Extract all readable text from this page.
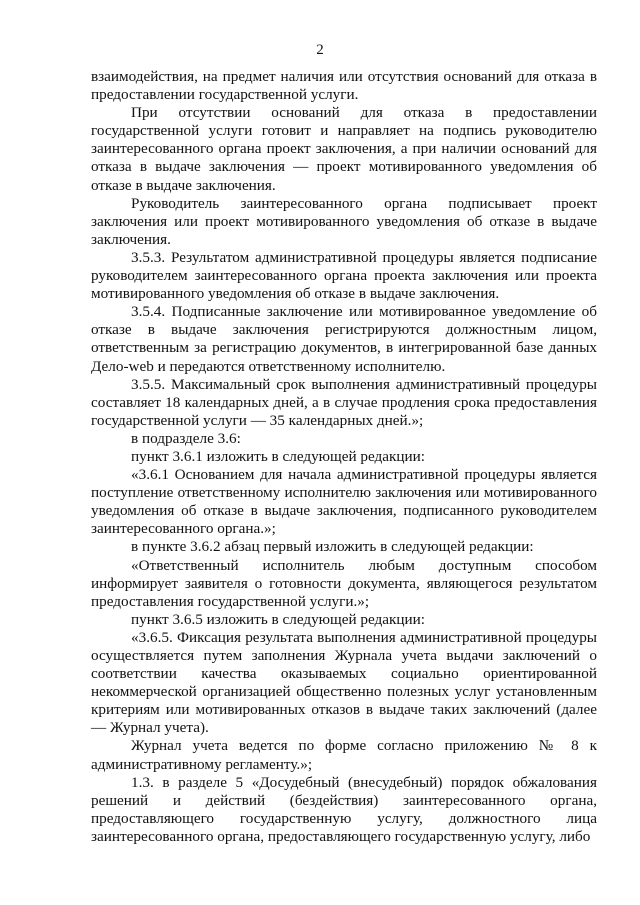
2

взаимодействия, на предмет наличия или отсутствия оснований для отказа в предоставлении государственной услуги.

При отсутствии оснований для отказа в предоставлении государственной услуги готовит и направляет на подпись руководителю заинтересованного органа проект заключения, а при наличии оснований для отказа в выдаче заключения — проект мотивированного уведомления об отказе в выдаче заключения.

Руководитель заинтересованного органа подписывает проект заключения или проект мотивированного уведомления об отказе в выдаче заключения.

3.5.3. Результатом административной процедуры является подписание руководителем заинтересованного органа проекта заключения или проекта мотивированного уведомления об отказе в выдаче заключения.

3.5.4. Подписанные заключение или мотивированное уведомление об отказе в выдаче заключения регистрируются должностным лицом, ответственным за регистрацию документов, в интегрированной базе данных Дело-web и передаются ответственному исполнителю.

3.5.5. Максимальный срок выполнения административный процедуры составляет 18 календарных дней, а в случае продления срока предоставления государственной услуги — 35 календарных дней.»;

в подразделе 3.6:

пункт 3.6.1 изложить в следующей редакции:

«3.6.1 Основанием для начала административной процедуры является поступление ответственному исполнителю заключения или мотивированного уведомления об отказе в выдаче заключения, подписанного руководителем заинтересованного органа.»;

в пункте 3.6.2 абзац первый изложить в следующей редакции:

«Ответственный исполнитель любым доступным способом информирует заявителя о готовности документа, являющегося результатом предоставления государственной услуги.»;

пункт 3.6.5 изложить в следующей редакции:

«3.6.5. Фиксация результата выполнения административной процедуры осуществляется путем заполнения Журнала учета выдачи заключений о соответствии качества оказываемых социально ориентированной некоммерческой организацией общественно полезных услуг установленным критериям или мотивированных отказов в выдаче таких заключений (далее — Журнал учета).

Журнал учета ведется по форме согласно приложению № 8 к административному регламенту.»;

1.3. в разделе 5 «Досудебный (внесудебный) порядок обжалования решений и действий (бездействия) заинтересованного органа, предоставляющего государственную услугу, должностного лица заинтересованного органа, предоставляющего государственную услугу, либо
